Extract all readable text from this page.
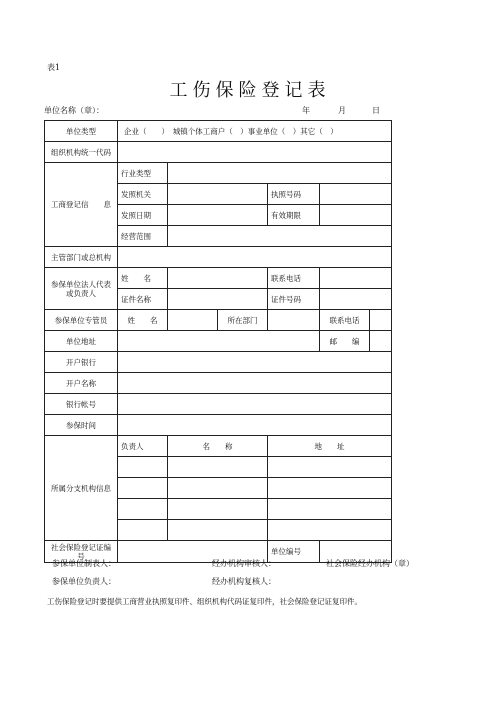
表1
工伤保险登记表
单位名称（章）：	年	月	日
单位类型	企业（　　）　城镇个体工商户（　）事业单位（　）其它（　）					
组织机构统一代码						
工商登记信　　息	行业类型					
	发照机关			执照号码		
	发照日期			有效期限		
	经营范围					
主管部门或总机构						
参保单位法人代表或负责人	姓　　名			联系电话		
	证件名称			证件号码		
参保单位专管员	姓　　名		所在部门		联系电话	
单位地址					邮　　编	
开户银行						
开户名称						
银行帐号						
参保时间						
所属分支机构信息	负责人	名　　称		地　　址		

社会保险登记证编　　号				单位编号		
参保单位制表人：	经办机构审核人：	社会保险经办机构（章）
参保单位负责人：	经办机构复核人：
工伤保险登记时要提供工商营业执照复印件、组织机构代码证复印件，社会保险登记证复印件。
